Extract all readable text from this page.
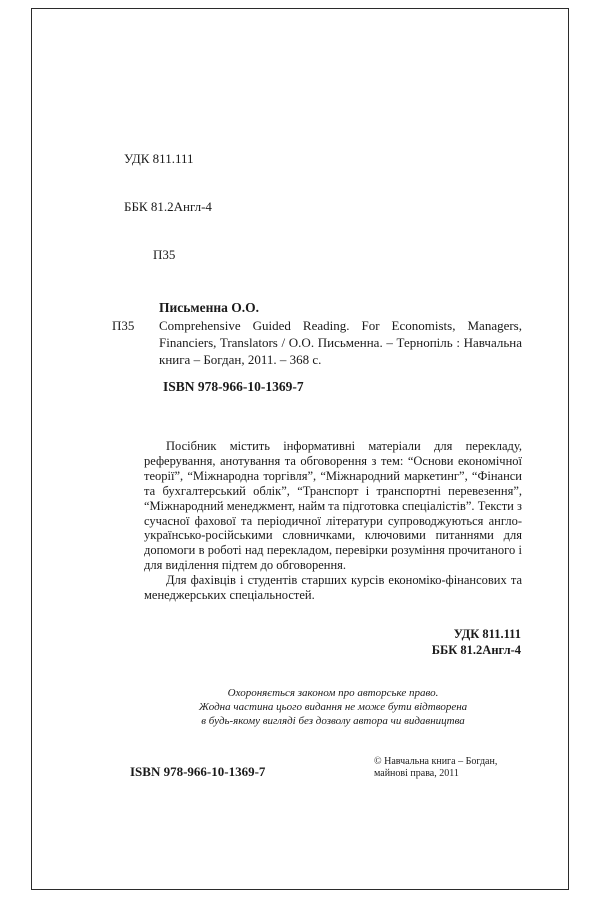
УДК 811.111

ББК 81.2Англ-4

П35

Письменна О.О.
П35 Comprehensive Guided Reading. For Economists, Managers, Financiers, Translators / О.О. Письменна. – Тернопіль : Навчальна книга – Богдан, 2011. – 368 с.
ISBN 978-966-10-1369-7

Посібник містить інформативні матеріали для перекладу, реферування, анотування та обговорення з тем: “Основи економічної теорії”, “Міжнародна торгівля”, “Міжнародний маркетинг”, “Фінанси та бухгалтерський облік”, “Транспорт і транспортні перевезення”, “Міжнародний менеджмент, найм та підготовка спеціалістів”. Тексти з сучасної фахової та періодичної літератури супроводжуються англо-українсько-російськими словничками, ключовими питаннями для допомоги в роботі над перекладом, перевірки розуміння прочитаного і для виділення підтем до обговорення.

Для фахівців і студентів старших курсів економіко-фінансових та менеджерських спеціальностей.

УДК 811.111
ББК 81.2Англ-4
Охороняється законом про авторське право.
Жодна частина цього видання не може бути відтворена
в будь-якому вигляді без дозволу автора чи видавництва
ISBN 978-966-10-1369-7
© Навчальна книга – Богдан,
майнові права, 2011
